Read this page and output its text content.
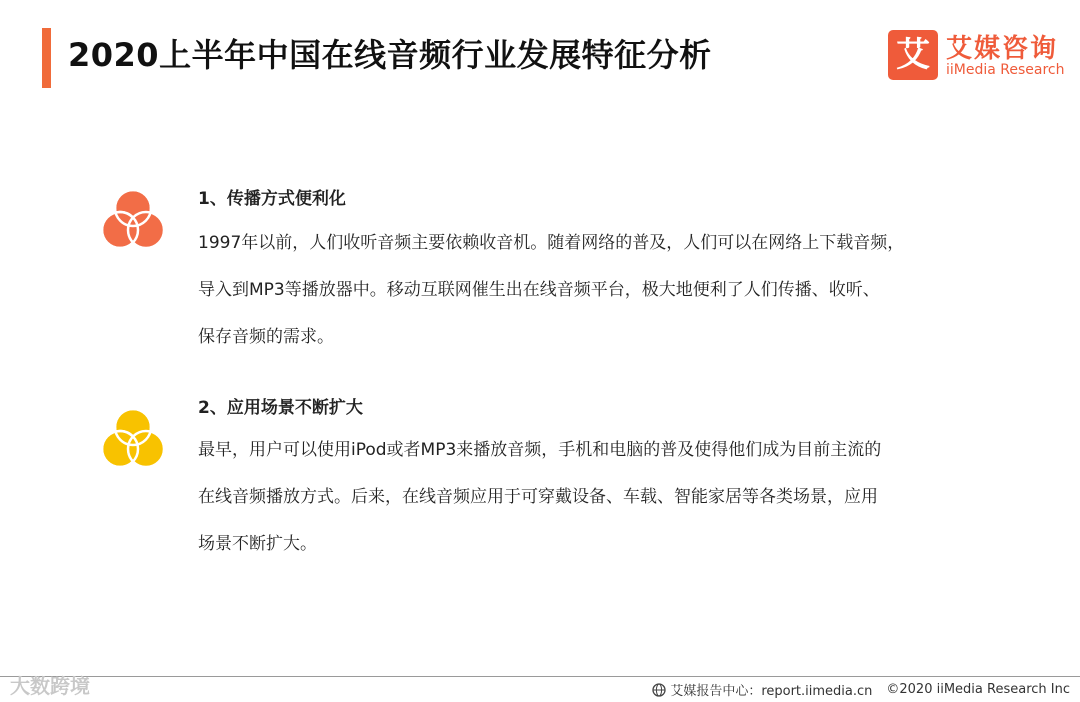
2020上半年中国在线音频行业发展特征分析	艾 艾媒咨询
iiMedia Research
1、传播方式便利化
1997年以前，人们收听音频主要依赖收音机。随着网络的普及，人们可以在网络上下载音频，
导入到MP3等播放器中。移动互联网催生出在线音频平台，极大地便利了人们传播、收听、
保存音频的需求。
2、应用场景不断扩大
最早，用户可以使用iPod或者MP3来播放音频，手机和电脑的普及使得他们成为目前主流的
在线音频播放方式。后来，在线音频应用于可穿戴设备、车载、智能家居等各类场景，应用
场景不断扩大。
大数跨境	艾媒报告中心：report.iimedia.cn ©2020 iiMedia Research Inc
